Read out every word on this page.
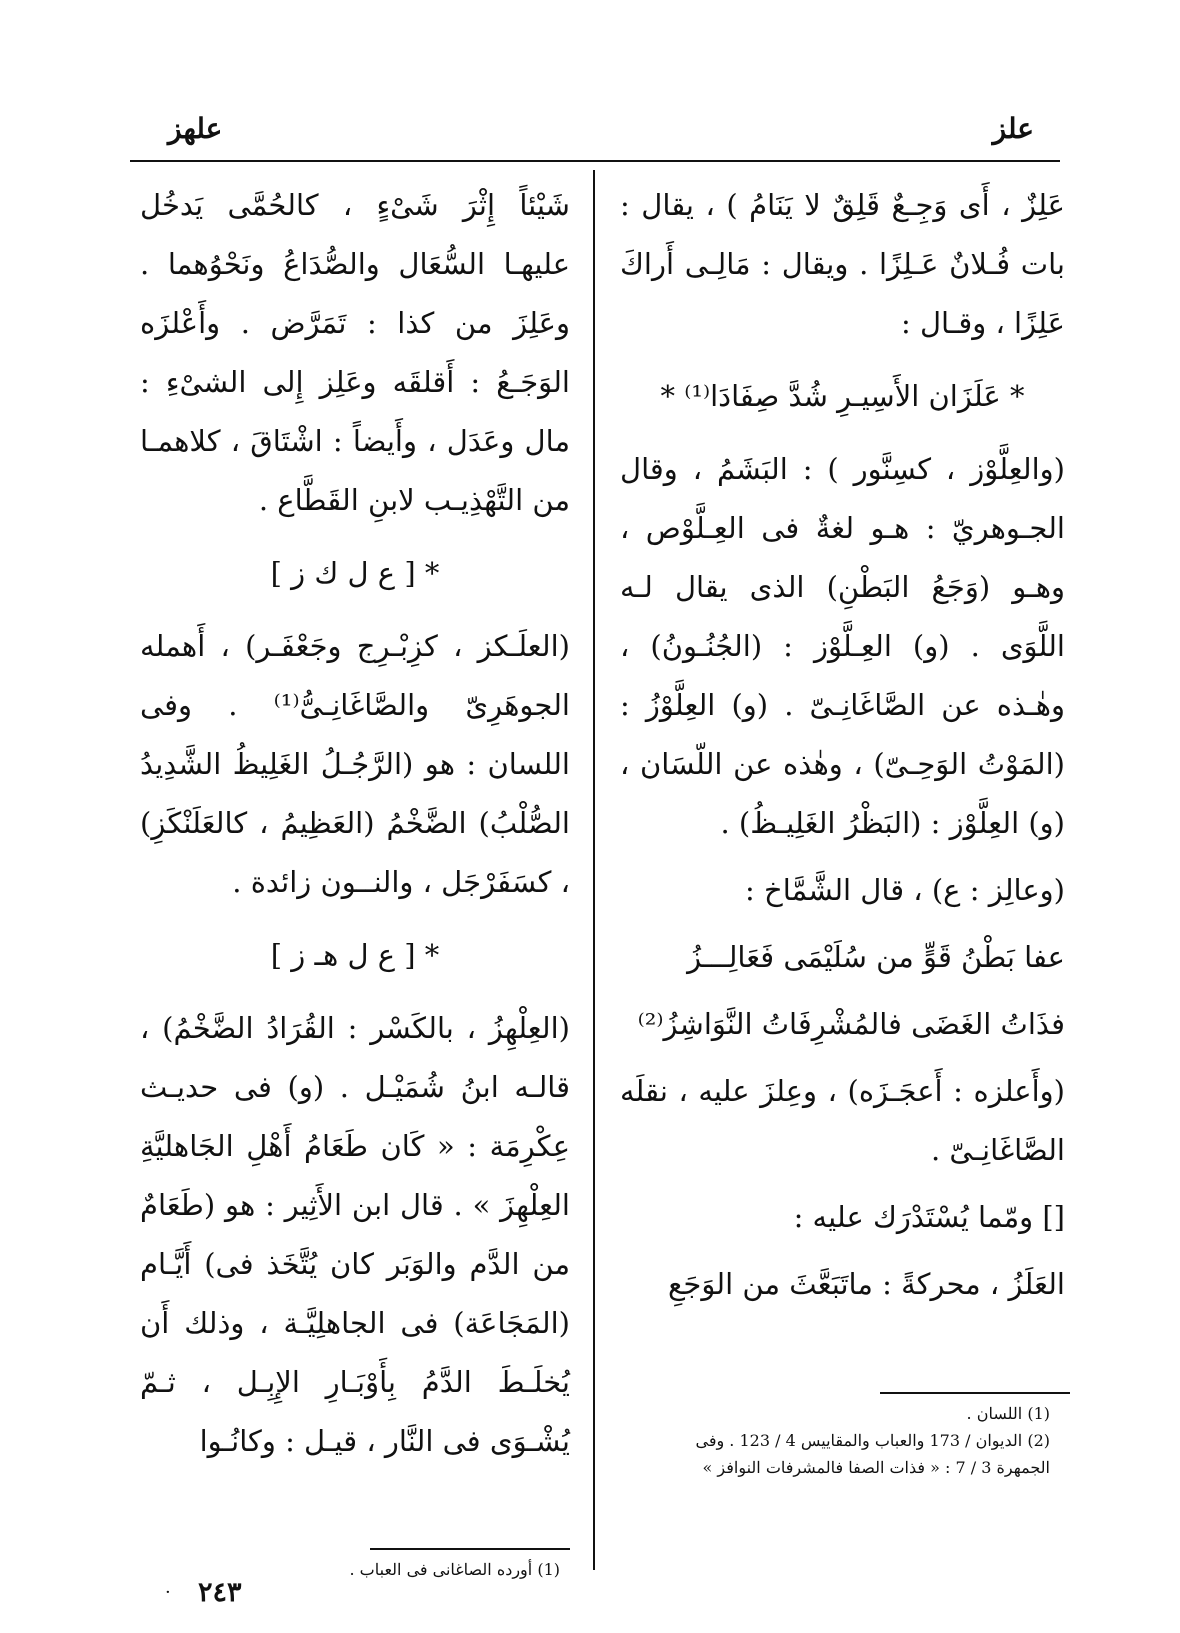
علز
علهز

عَلِزٌ ، أَى وَجِـعٌ قَلِقٌ لا يَنَامُ ) ، يقال : بات فُـلانٌ عَـلِزًا . ويقال : مَالِـى أَراكَ عَلِزًا ، وقـال :

* عَلَزَان الأَسِيـرِ شُدَّ صِفَادَا⁽¹⁾ *

(والعِلَّوْز ، كسِنَّور ) : البَشَمُ ، وقال الجـوهريّ : هـو لغةٌ فى العِـلَّوْص ، وهـو (وَجَعُ البَطْنِ) الذى يقال لـه اللَّوَى . (و) العِـلَّوْز : (الجُنُـونُ) ، وهٰـذه عن الصَّاغَانِـىّ . (و) العِلَّوْزُ : (المَوْتُ الوَحِـىّ) ، وهٰذه عن اللّسَان ، (و) العِلَّوْز : (البَظْرُ الغَلِيـظُ) .

(وعالِز : ع) ، قال الشَّمَّاخ :

عفا بَطْنُ قَوٍّ من سُلَيْمَى فَعَالِـــزُ

فذَاتُ الغَضَى فالمُشْرِفَاتُ النَّوَاشِزُ⁽²⁾

(وأَعلزه : أَعجَـزَه) ، وعِلزَ عليه ، نقلَه الصَّاغَانِـىّ .

[] ومّما يُسْتَدْرَك عليه :

العَلَزُ ، محركةً : ماتَبَعَّثَ من الوَجَعِ

شَيْئاً إِثْرَ شَىْءٍ ، كالحُمَّى يَدخُل عليهـا السُّعَال والصُّدَاعُ ونَحْوُهما . وعَلِزَ من كذا : تَمَرَّض . وأَعْلزَه الوَجَـعُ : أَقلقَه وعَلِز إِلى الشىْءِ : مال وعَدَل ، وأَيضاً : اشْتَاقَ ، كلاهمـا من التَّهْذِيـب لابنِ القَطَّاع .

* [ ع ل ك ز ]

(العلَـكز ، كزِبْـرِج وجَعْفَـر) ، أَهمله الجوهَرِىّ والصَّاغَانِـىُّ⁽¹⁾ . وفى اللسان : هو (الرَّجُـلُ الغَلِيظُ الشَّدِيدُ الصُّلْبُ) الضَّخْمُ (العَظِيمُ ، كالعَلَنْكَزِ) ، كسَفَرْجَل ، والنــون زائدة .

* [ ع ل هـ ز ]

(العِلْهِزُ ، بالكَسْر : القُرَادُ الضَّخْمُ) ، قالـه ابنُ شُمَيْـل . (و) فى حديـث عِكْرِمَة : « كَان طَعَامُ أَهْلِ الجَاهليَّةِ العِلْهِزَ » . قال ابن الأَثِير : هو (طَعَامٌ من الدَّم والوَبَر كان يُتَّخَذ فى) أَيَّـام (المَجَاعَة) فى الجاهلِيَّـة ، وذلك أَن يُخلَـطَ الدَّمُ بِأَوْبَـارِ الإِبِـل ، ثـمّ يُشْـوَى فى النَّار ، قيـل : وكانُـوا

(1) اللسان .
(2) الديوان / 173 والعباب والمقاييس 4 / 123 . وفى الجمهرة 3 / 7 : « فذات الصفا فالمشرفات النوافز »
(1) أورده الصاغانى فى العباب .
· ٢٤٣
